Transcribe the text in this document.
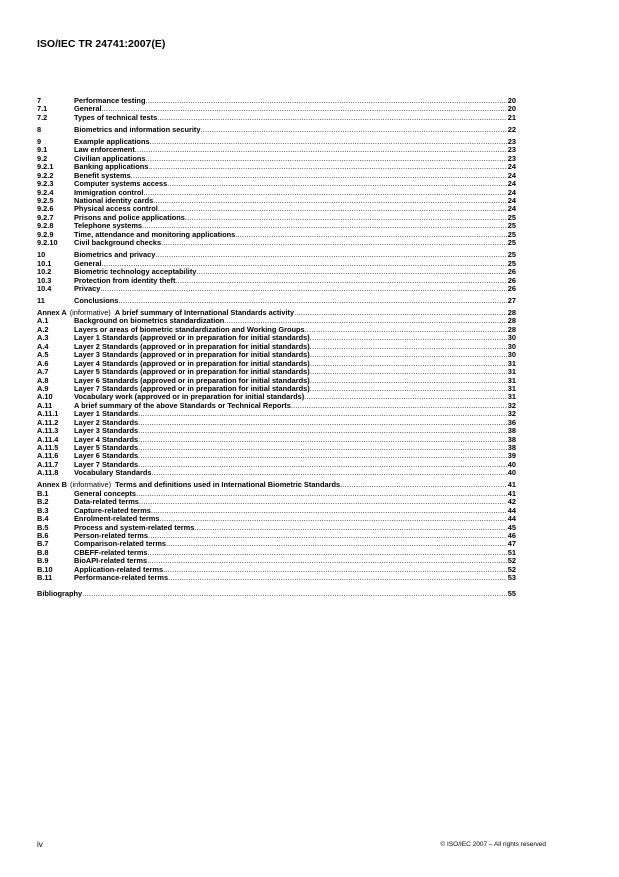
ISO/IEC TR 24741:2007(E)
7	Performance testing .....	20
7.1	General .....	20
7.2	Types of technical tests .....	21
8	Biometrics and information security .....	22
9	Example applications .....	23
9.1	Law enforcement .....	23
9.2	Civilian applications .....	23
9.2.1	Banking applications .....	24
9.2.2	Benefit systems .....	24
9.2.3	Computer systems access .....	24
9.2.4	Immigration control .....	24
9.2.5	National identity cards .....	24
9.2.6	Physical access control .....	24
9.2.7	Prisons and police applications .....	25
9.2.8	Telephone systems .....	25
9.2.9	Time, attendance and monitoring applications .....	25
9.2.10	Civil background checks .....	25
10	Biometrics and privacy .....	25
10.1	General .....	25
10.2	Biometric technology acceptability .....	26
10.3	Protection from identity theft .....	26
10.4	Privacy .....	26
11	Conclusions .....	27
Annex A (informative) A brief summary of International Standards activity .....	28
A.1	Background on biometrics standardization .....	28
A.2	Layers or areas of biometric standardization and Working Groups .....	28
A.3	Layer 1 Standards (approved or in preparation for initial standards) .....	30
A.4	Layer 2 Standards (approved or in preparation for initial standards) .....	30
A.5	Layer 3 Standards (approved or in preparation for initial standards) .....	30
A.6	Layer 4 Standards (approved or in preparation for initial standards) .....	31
A.7	Layer 5 Standards (approved or in preparation for initial standards) .....	31
A.8	Layer 6 Standards (approved or in preparation for initial standards) .....	31
A.9	Layer 7 Standards (approved or in preparation for initial standards) .....	31
A.10	Vocabulary work (approved or in preparation for initial standards) .....	31
A.11	A brief summary of the above Standards or Technical Reports .....	32
A.11.1	Layer 1 Standards .....	32
A.11.2	Layer 2 Standards .....	36
A.11.3	Layer 3 Standards .....	38
A.11.4	Layer 4 Standards .....	38
A.11.5	Layer 5 Standards .....	38
A.11.6	Layer 6 Standards .....	39
A.11.7	Layer 7 Standards .....	40
A.11.8	Vocabulary Standards .....	40
Annex B (informative) Terms and definitions used in International Biometric Standards .....	41
B.1	General concepts .....	41
B.2	Data-related terms .....	42
B.3	Capture-related terms .....	44
B.4	Enrolment-related terms .....	44
B.5	Process and system-related terms .....	45
B.6	Person-related terms .....	46
B.7	Comparison-related terms .....	47
B.8	CBEFF-related terms .....	51
B.9	BioAPI-related terms .....	52
B.10	Application-related terms .....	52
B.11	Performance-related terms .....	53
Bibliography .....	55
iv	© ISO/IEC 2007 – All rights reserved
